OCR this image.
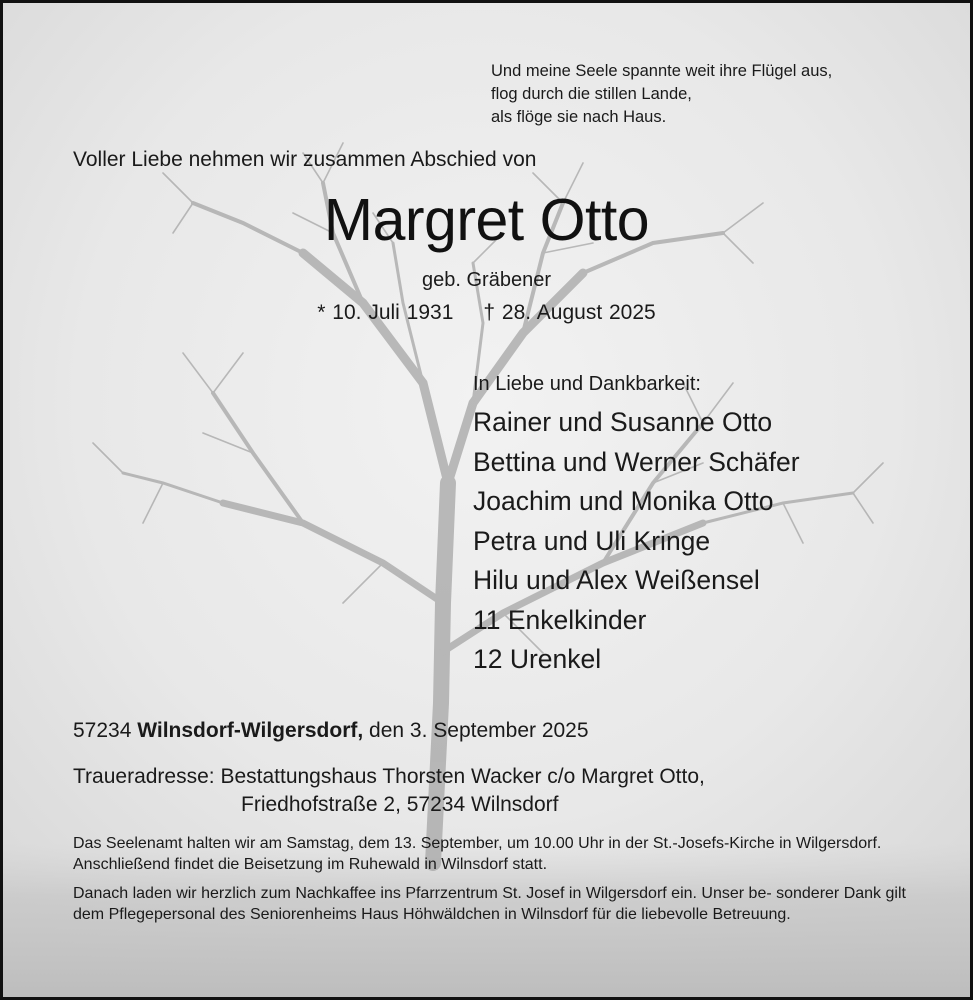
Und meine Seele spannte weit ihre Flügel aus,
flog durch die stillen Lande,
als flöge sie nach Haus.
Voller Liebe nehmen wir zusammen Abschied von
Margret Otto
geb. Gräbener
* 10. Juli 1931 † 28. August 2025
In Liebe und Dankbarkeit:
Rainer und Susanne Otto
Bettina und Werner Schäfer
Joachim und Monika Otto
Petra und Uli Kringe
Hilu und Alex Weißensel
11 Enkelkinder
12 Urenkel
57234 Wilnsdorf-Wilgersdorf, den 3. September 2025
Traueradresse: Bestattungshaus Thorsten Wacker c/o Margret Otto,
Friedhofstraße 2, 57234 Wilnsdorf

Das Seelenamt halten wir am Samstag, dem 13. September, um 10.00 Uhr in der St.-Josefs-Kirche in Wilgersdorf. Anschließend findet die Beisetzung im Ruhewald in Wilnsdorf statt.

Danach laden wir herzlich zum Nachkaffee ins Pfarrzentrum St. Josef in Wilgersdorf ein. Unser be- sonderer Dank gilt dem Pflegepersonal des Seniorenheims Haus Höhwäldchen in Wilnsdorf für die liebevolle Betreuung.
